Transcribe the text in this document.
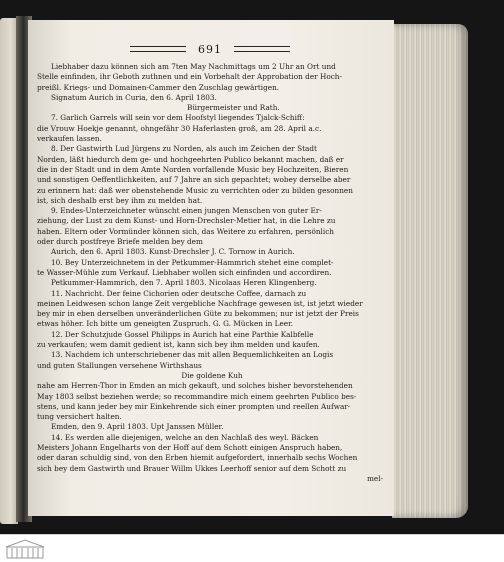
691
Liebhaber dazu können sich am 7ten May Nachmittags um 2 Uhr an Ort und
Stelle einfinden, ihr Geboth zuthnen und ein Vorbehalt der Approbation der Hoch-
preißl. Kriegs- und Domainen-Cammer den Zuschlag gewärtigen.
Signatum Aurich in Curia, den 6. April 1803.
Bürgermeister und Rath.
7. Garlich Garrels will sein vor dem Hoofstyl liegendes Tjalck-Schiff:
die Vrouw Hoekje genannt, ohngefähr 30 Haferlasten groß, am 28. April a.c.
verkaufen lassen.
8. Der Gastwirth Lud Jürgens zu Norden, als auch im Zeichen der Stadt
Norden, läßt hiedurch dem ge- und hochgeehrten Publico bekannt machen, daß er
die in der Stadt und in dem Amte Norden vorfallende Music bey Hochzeiten, Bieren
und sonstigen Oeffentlichkeiten, auf 7 Jahre an sich gepachtet; wobey derselbe aber
zu erinnern hat: daß wer obenstehende Music zu verrichten oder zu bilden gesonnen
ist, sich deshalb erst bey ihm zu melden hat.
9. Endes-Unterzeichneter wünscht einen jungen Menschen von guter Er-
ziehung, der Lust zu dem Kunst- und Horn-Drechsler-Metier hat, in die Lehre zu
haben. Eltern oder Vormünder können sich, das Weitere zu erfahren, persönlich
oder durch postfreye Briefe melden bey dem
Aurich, den 6. April 1803. Kunst-Drechsler J. C. Tornow in Aurich.
10. Bey Unterzeichnetem in der Petkummer-Hammrich stehet eine complet-
te Wasser-Mühle zum Verkauf. Liebhaber wollen sich einfinden und accordiren.
Petkummer-Hammrich, den 7. April 1803. Nicolaas Heren Klingenberg.
11. Nachricht. Der feine Cichorien oder deutsche Coffee, darnach zu
meinen Leidwesen schon lange Zeit vergebliche Nachfrage gewesen ist, ist jetzt wieder
bey mir in eben derselben unveränderlichen Güte zu bekommen; nur ist jetzt der Preis
etwas höher. Ich bitte um geneigten Zuspruch. G. G. Mücken in Leer.
12. Der Schutzjude Gossel Philipps in Aurich hat eine Parthie Kalbfelle
zu verkaufen; wem damit gedient ist, kann sich bey ihm melden und kaufen.
13. Nachdem ich unterschriebener das mit allen Bequemlichkeiten an Logis
und guten Stallungen versehene Wirthshaus
Die goldene Kuh
nahe am Herren-Thor in Emden an mich gekauft, und solches bisher bevorstehenden
May 1803 selbst beziehen werde; so recommandire mich einem geehrten Publico bes-
stens, und kann jeder bey mir Einkehrende sich einer prompten und reellen Aufwar-
tung versichert halten.
Emden, den 9. April 1803. Upt Janssen Müller.
14. Es werden alle diejenigen, welche an den Nachlaß des weyl. Bäcken
Meisters Johann Engelharts von der Hoff auf dem Schott einigen Anspruch haben,
oder daran schuldig sind, von den Erben hiemit aufgefordert, innerhalb sechs Wochen
sich bey dem Gastwirth und Brauer Willm Ukkes Leerhoff senior auf dem Schott zu
mel-
